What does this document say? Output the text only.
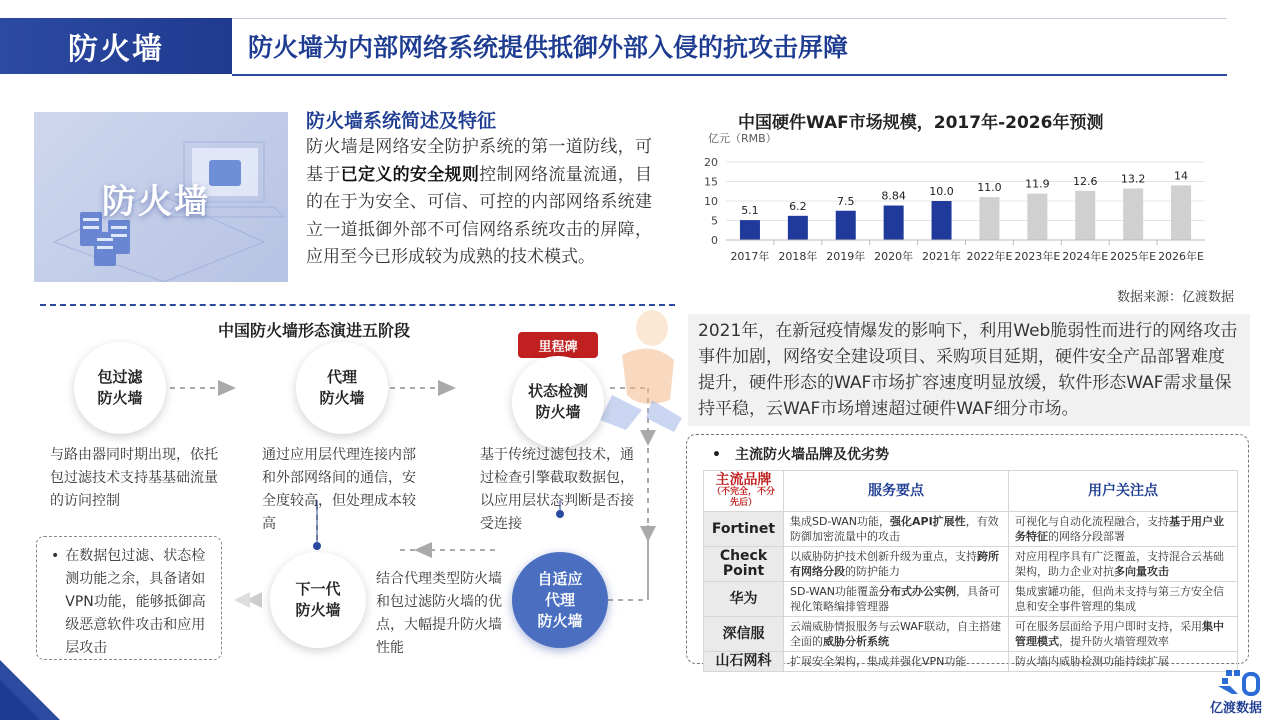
防火墙	防火墙为内部网络系统提供抵御外部入侵的抗攻击屏障
防火墙
防火墙系统简述及特征
防火墙是网络安全防护系统的第一道防线，可基于已定义的安全规则控制网络流量流通，目的在于为安全、可信、可控的内部网络系统建立一道抵御外部不可信网络系统攻击的屏障，应用至今已形成较为成熟的技术模式。
中国硬件WAF市场规模，2017年-2026年预测
亿元（RMB）
0
5
10
15
20
5.1
2017年
6.2
2018年
7.5
2019年
8.84
2020年
10.0
2021年
11.0
2022年E
11.9
2023年E
12.6
2024年E
13.2
2025年E
14
2026年E
数据来源：亿渡数据
中国防火墙形态演进五阶段
包过滤
防火墙
代理
防火墙
里程碑
状态检测
防火墙
自适应
代理
防火墙
下一代
防火墙
与路由器同时期出现，依托包过滤技术支持基基础流量的访问控制
通过应用层代理连接内部和外部网络间的通信，安全度较高，但处理成本较高
基于传统过滤包技术，通过检查引擎截取数据包，以应用层状态判断是否接受连接
结合代理类型防火墙和包过滤防火墙的优点，大幅提升防火墙性能
• 在数据包过滤、状态检测功能之余，具备诸如VPN功能，能够抵御高级恶意软件攻击和应用层攻击
2021年，在新冠疫情爆发的影响下，利用Web脆弱性而进行的网络攻击事件加剧，网络安全建设项目、采购项目延期，硬件安全产品部署难度提升，硬件形态的WAF市场扩容速度明显放缓，软件形态WAF需求量保持平稳，云WAF市场增速超过硬件WAF细分市场。
• 主流防火墙品牌及优劣势
主流品牌
（不完全，不分先后）	服务要点	用户关注点
Fortinet	集成SD-WAN功能，强化API扩展性，有效防御加密流量中的攻击	可视化与自动化流程融合，支持基于用户业务特征的网络分段部署
Check Point	以威胁防护技术创新升级为重点，支持跨所有网络分段的防护能力	对应用程序具有广泛覆盖，支持混合云基础架构，助力企业对抗多向量攻击
华为	SD-WAN功能覆盖分布式办公实例，具备可视化策略编排管理器	集成蜜罐功能，但尚未支持与第三方安全信息和安全事件管理的集成
深信服	云端威胁情报服务与云WAF联动，自主搭建全面的威胁分析系统	可在服务层面给予用户即时支持，采用集中管理模式，提升防火墙管理效率
山石网科	扩展安全架构，集成并强化VPN功能	防火墙内威胁检测功能持续扩展
亿渡数据
